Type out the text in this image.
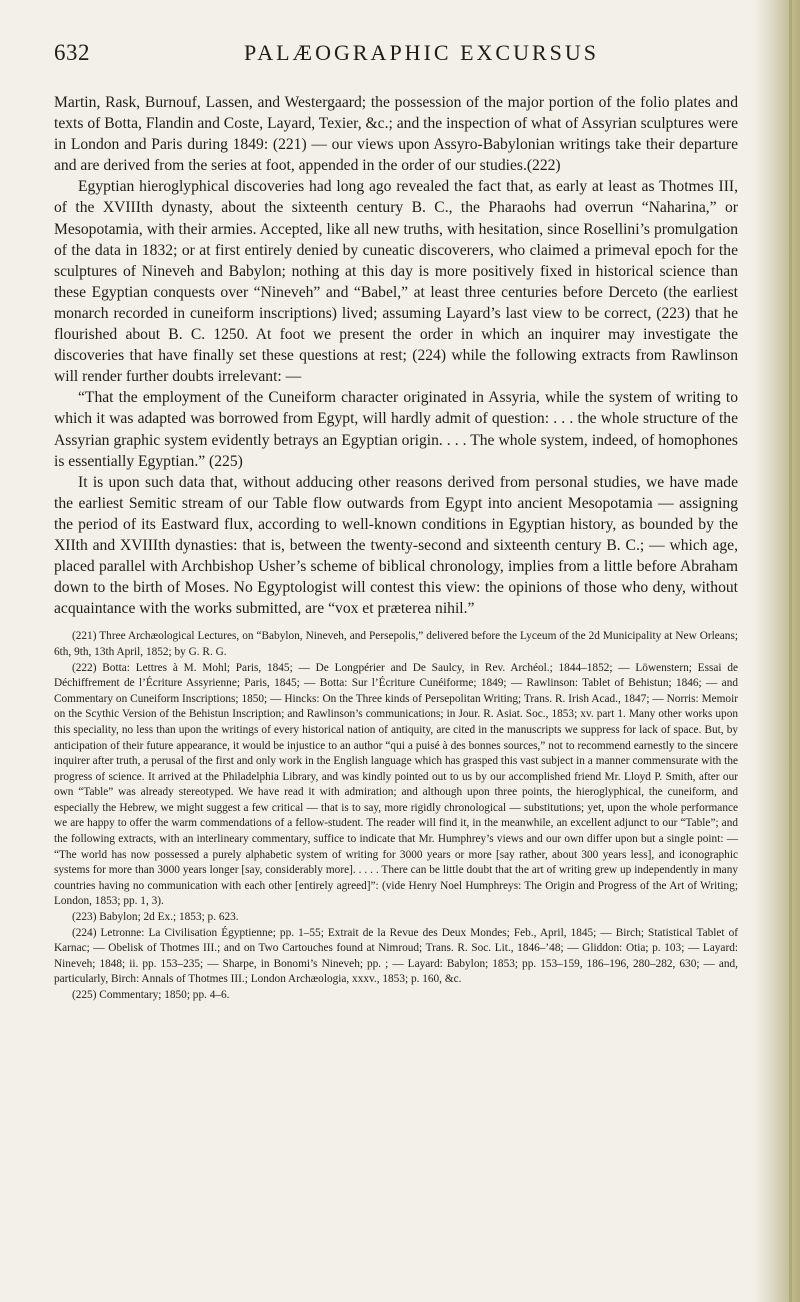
632	PALÆOGRAPHIC EXCURSUS

Martin, Rask, Burnouf, Lassen, and Westergaard; the possession of the major portion of the folio plates and texts of Botta, Flandin and Coste, Layard, Texier, &c.; and the inspection of what of Assyrian sculptures were in London and Paris during 1849: (221) — our views upon Assyro-Babylonian writings take their departure and are derived from the series at foot, appended in the order of our studies.(222)

Egyptian hieroglyphical discoveries had long ago revealed the fact that, as early at least as Thotmes III, of the XVIIIth dynasty, about the sixteenth century B. C., the Pharaohs had overrun “Naharina,” or Mesopotamia, with their armies. Accepted, like all new truths, with hesitation, since Rosellini’s promulgation of the data in 1832; or at first entirely denied by cuneatic discoverers, who claimed a primeval epoch for the sculptures of Nineveh and Babylon; nothing at this day is more positively fixed in historical science than these Egyptian conquests over “Nineveh” and “Babel,” at least three centuries before Derceto (the earliest monarch recorded in cuneiform inscriptions) lived; assuming Layard’s last view to be correct, (223) that he flourished about B. C. 1250. At foot we present the order in which an inquirer may investigate the discoveries that have finally set these questions at rest; (224) while the following extracts from Rawlinson will render further doubts irrelevant: —

“That the employment of the Cuneiform character originated in Assyria, while the system of writing to which it was adapted was borrowed from Egypt, will hardly admit of question: . . . the whole structure of the Assyrian graphic system evidently betrays an Egyptian origin. . . . The whole system, indeed, of homophones is essentially Egyptian.” (225)

It is upon such data that, without adducing other reasons derived from personal studies, we have made the earliest Semitic stream of our Table flow outwards from Egypt into ancient Mesopotamia — assigning the period of its Eastward flux, according to well-known conditions in Egyptian history, as bounded by the XIIth and XVIIIth dynasties: that is, between the twenty-second and sixteenth century B. C.; — which age, placed parallel with Archbishop Usher’s scheme of biblical chronology, implies from a little before Abraham down to the birth of Moses. No Egyptologist will contest this view: the opinions of those who deny, without acquaintance with the works submitted, are “vox et præterea nihil.”

(221) Three Archæological Lectures, on “Babylon, Nineveh, and Persepolis,” delivered before the Lyceum of the 2d Municipality at New Orleans; 6th, 9th, 13th April, 1852; by G. R. G.

(222) Botta: Lettres à M. Mohl; Paris, 1845; — De Longpérier and De Saulcy, in Rev. Archéol.; 1844–1852; — Löwenstern; Essai de Déchiffrement de l’Écriture Assyrienne; Paris, 1845; — Botta: Sur l’Écriture Cunéiforme; 1849; — Rawlinson: Tablet of Behistun; 1846; — and Commentary on Cuneiform Inscriptions; 1850; — Hincks: On the Three kinds of Persepolitan Writing; Trans. R. Irish Acad., 1847; — Norris: Memoir on the Scythic Version of the Behistun Inscription; and Rawlinson’s communications; in Jour. R. Asiat. Soc., 1853; xv. part 1. Many other works upon this speciality, no less than upon the writings of every historical nation of antiquity, are cited in the manuscripts we suppress for lack of space. But, by anticipation of their future appearance, it would be injustice to an author “qui a puisé à des bonnes sources,” not to recommend earnestly to the sincere inquirer after truth, a perusal of the first and only work in the English language which has grasped this vast subject in a manner commensurate with the progress of science. It arrived at the Philadelphia Library, and was kindly pointed out to us by our accomplished friend Mr. Lloyd P. Smith, after our own “Table” was already stereotyped. We have read it with admiration; and although upon three points, the hieroglyphical, the cuneiform, and especially the Hebrew, we might suggest a few critical — that is to say, more rigidly chronological — substitutions; yet, upon the whole performance we are happy to offer the warm commendations of a fellow-student. The reader will find it, in the meanwhile, an excellent adjunct to our “Table”; and the following extracts, with an interlineary commentary, suffice to indicate that Mr. Humphrey’s views and our own differ upon but a single point: — “The world has now possessed a purely alphabetic system of writing for 3000 years or more [say rather, about 300 years less], and iconographic systems for more than 3000 years longer [say, considerably more]. . . . . There can be little doubt that the art of writing grew up independently in many countries having no communication with each other [entirely agreed]”: (vide Henry Noel Humphreys: The Origin and Progress of the Art of Writing; London, 1853; pp. 1, 3).

(223) Babylon; 2d Ex.; 1853; p. 623.

(224) Letronne: La Civilisation Égyptienne; pp. 1–55; Extrait de la Revue des Deux Mondes; Feb., April, 1845; — Birch; Statistical Tablet of Karnac; — Obelisk of Thotmes III.; and on Two Cartouches found at Nimroud; Trans. R. Soc. Lit., 1846–’48; — Gliddon: Otia; p. 103; — Layard: Nineveh; 1848; ii. pp. 153–235; — Sharpe, in Bonomi’s Nineveh; pp. ; — Layard: Babylon; 1853; pp. 153–159, 186–196, 280–282, 630; — and, particularly, Birch: Annals of Thotmes III.; London Archæologia, xxxv., 1853; p. 160, &c.

(225) Commentary; 1850; pp. 4–6.
